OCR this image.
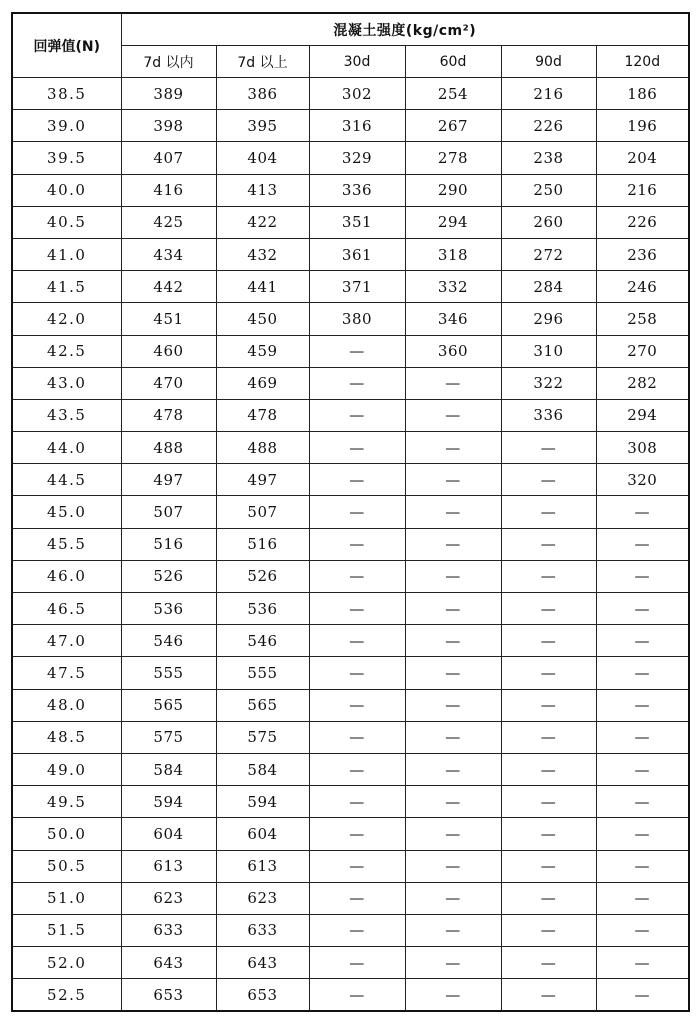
回弹值(N)	混凝土强度(kg/cm²)					
	7d 以内	7d 以上	30d	60d	90d	120d
38.5	389	386	302	254	216	186
39.0	398	395	316	267	226	196
39.5	407	404	329	278	238	204
40.0	416	413	336	290	250	216
40.5	425	422	351	294	260	226
41.0	434	432	361	318	272	236
41.5	442	441	371	332	284	246
42.0	451	450	380	346	296	258
42.5	460	459	—	360	310	270
43.0	470	469	—	—	322	282
43.5	478	478	—	—	336	294
44.0	488	488	—	—	—	308
44.5	497	497	—	—	—	320
45.0	507	507	—	—	—	—
45.5	516	516	—	—	—	—
46.0	526	526	—	—	—	—
46.5	536	536	—	—	—	—
47.0	546	546	—	—	—	—
47.5	555	555	—	—	—	—
48.0	565	565	—	—	—	—
48.5	575	575	—	—	—	—
49.0	584	584	—	—	—	—
49.5	594	594	—	—	—	—
50.0	604	604	—	—	—	—
50.5	613	613	—	—	—	—
51.0	623	623	—	—	—	—
51.5	633	633	—	—	—	—
52.0	643	643	—	—	—	—
52.5	653	653	—	—	—	—
